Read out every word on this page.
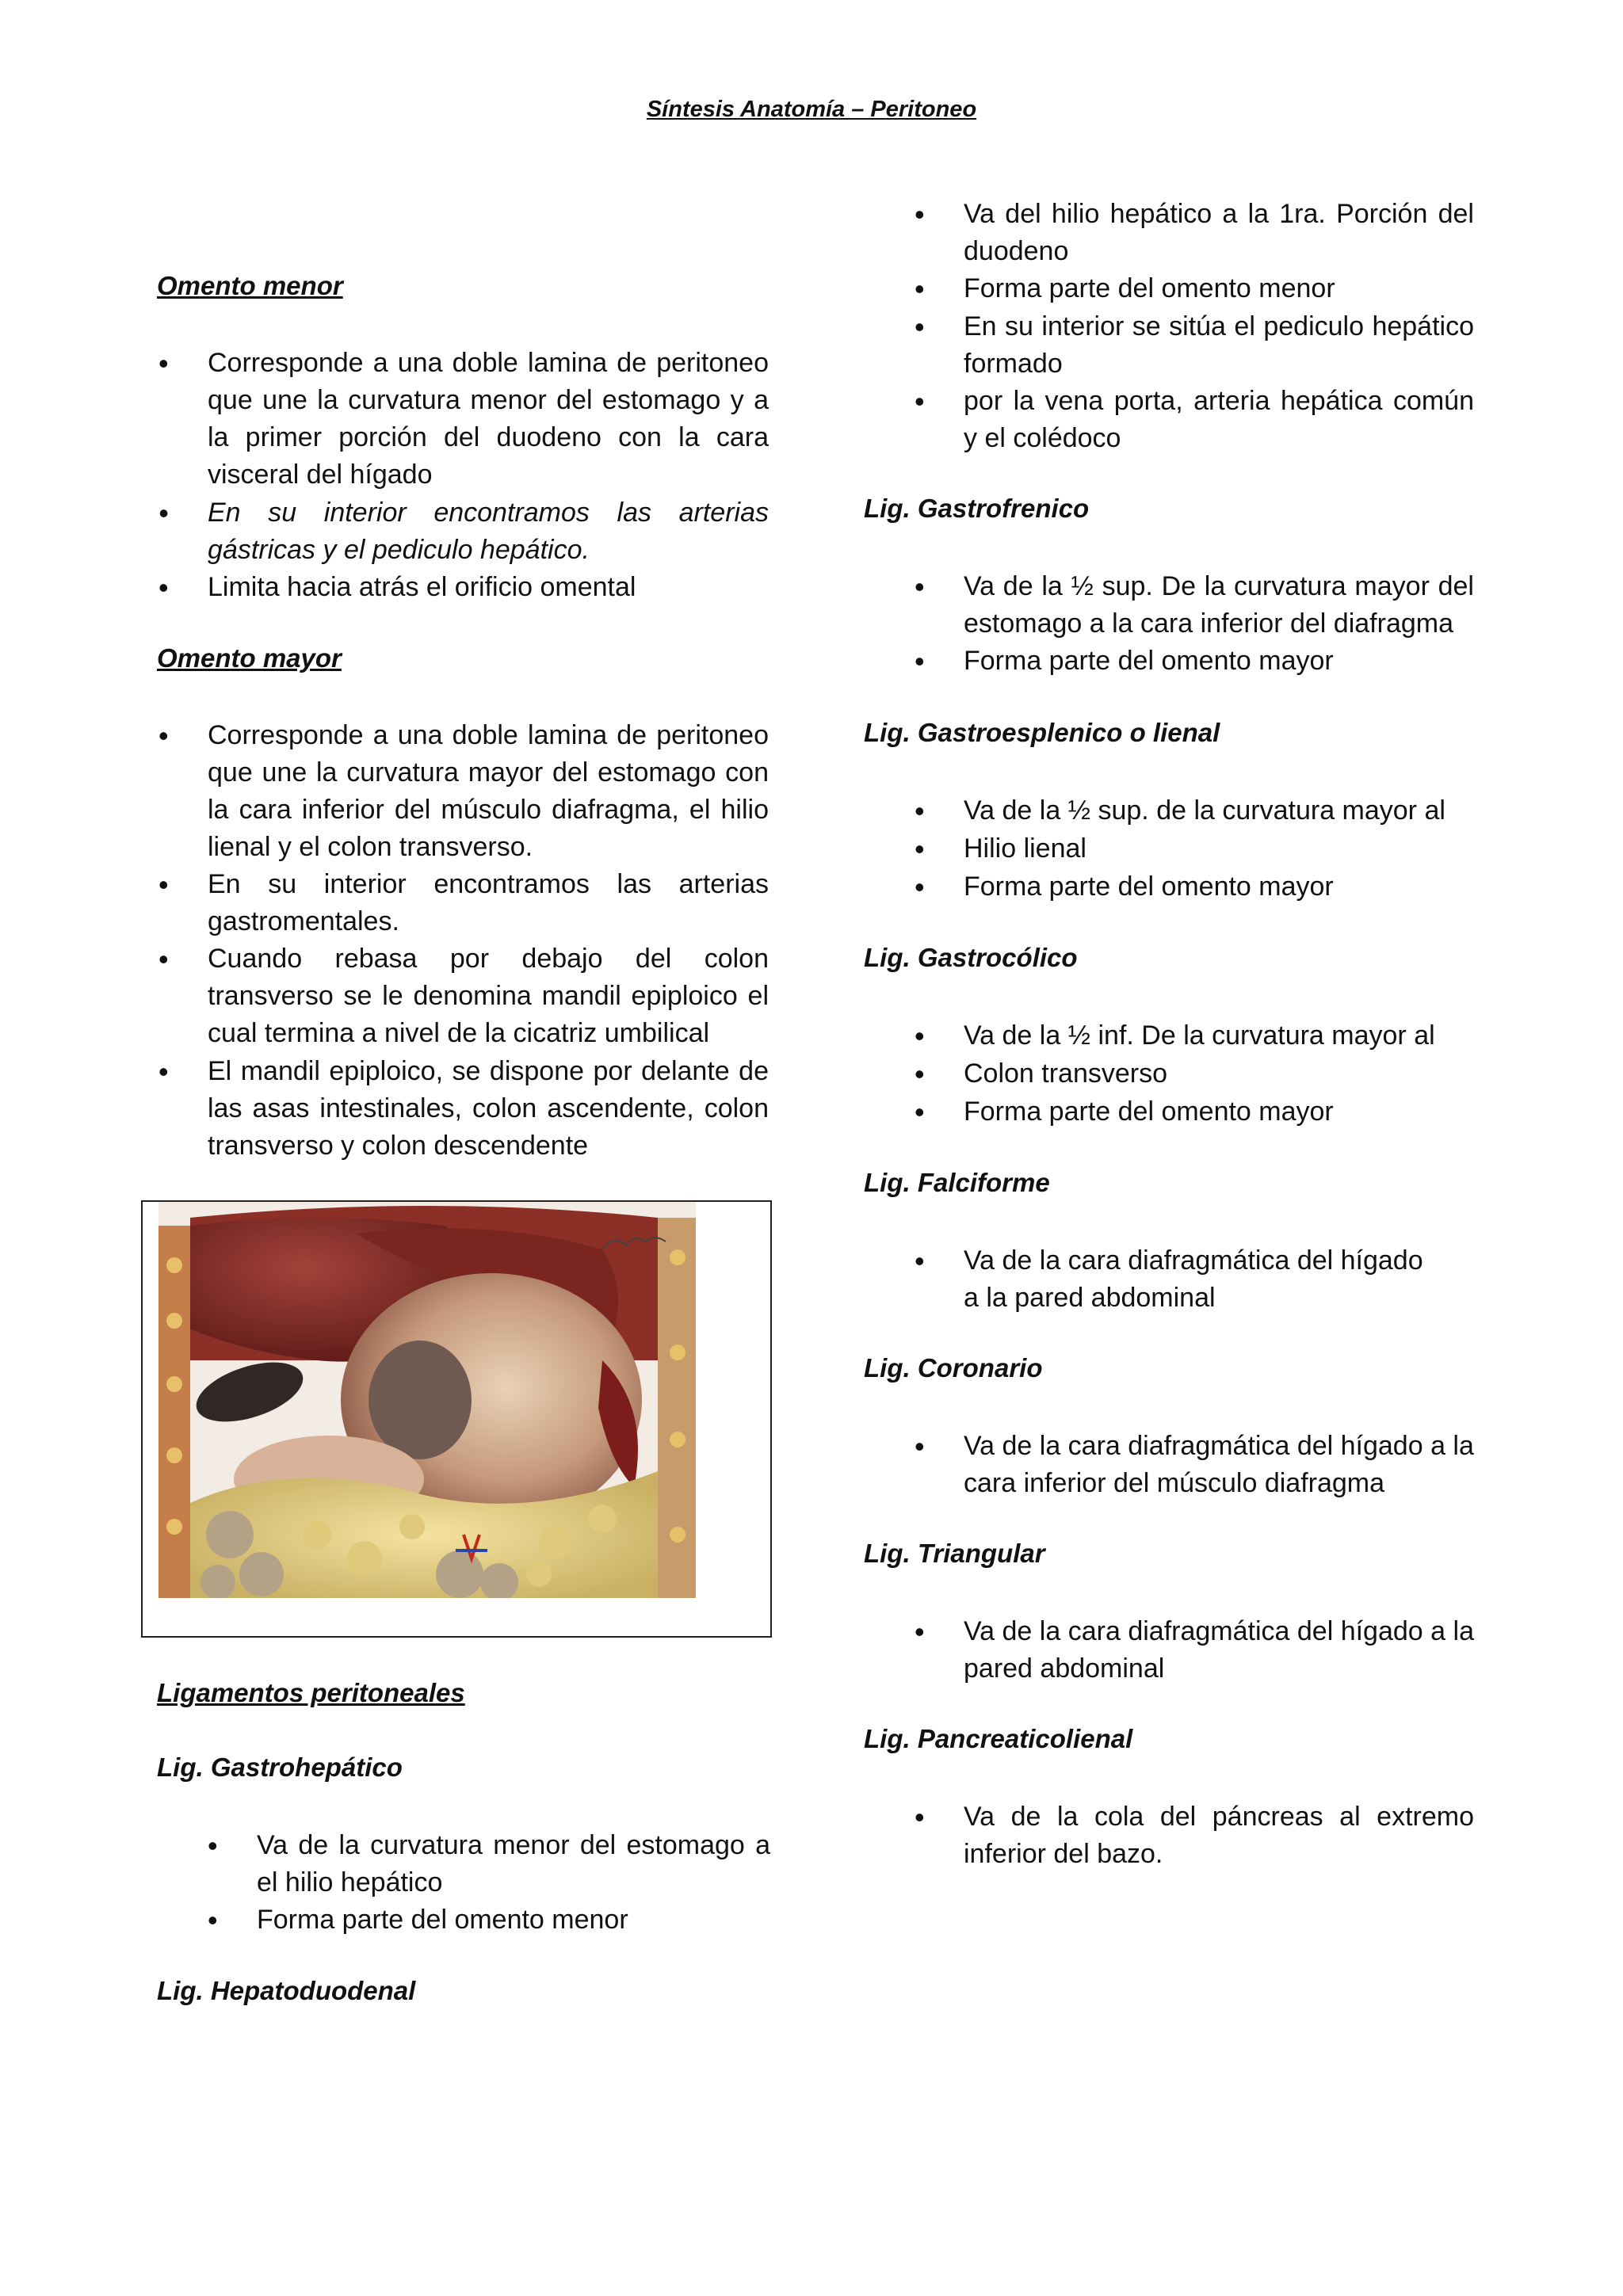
Síntesis Anatomía – Peritoneo
Omento menor
• Corresponde a una doble lamina de peritoneo que une la curvatura menor del estomago y a la primer porción del duodeno con la cara visceral del hígado
• En su interior encontramos las arterias gástricas y el pediculo hepático.
• Limita hacia atrás el orificio omental
Omento mayor
• Corresponde a una doble lamina de peritoneo que une la curvatura mayor del estomago con la cara inferior del músculo diafragma, el hilio lienal y el colon transverso.
• En su interior encontramos las arterias gastromentales.
• Cuando rebasa por debajo del colon transverso se le denomina mandil epiploico el cual termina a nivel de la cicatriz umbilical
• El mandil epiploico, se dispone por delante de las asas intestinales, colon ascendente, colon transverso y colon descendente
Ligamentos peritoneales
Lig. Gastrohepático
• Va de la curvatura menor del estomago a el hilio hepático
• Forma parte del omento menor
Lig. Hepatoduodenal
• Va del hilio hepático a la 1ra. Porción del duodeno
• Forma parte del omento menor
• En su interior se sitúa el pediculo hepático formado
• por la vena porta, arteria hepática común y el colédoco
Lig. Gastrofrenico
• Va de la ½ sup. De la curvatura mayor del estomago a la cara inferior del diafragma
• Forma parte del omento mayor
Lig. Gastroesplenico o lienal
• Va de la ½ sup. de la curvatura mayor al
• Hilio lienal
• Forma parte del omento mayor
Lig. Gastrocólico
• Va de la ½ inf. De la curvatura mayor al
• Colon transverso
• Forma parte del omento mayor
Lig. Falciforme
• Va de la cara diafragmática del hígado a la pared abdominal
Lig. Coronario
• Va de la cara diafragmática del hígado a la cara inferior del músculo diafragma
Lig. Triangular
• Va de la cara diafragmática del hígado a la pared abdominal
Lig. Pancreaticolienal
• Va de la cola del páncreas al extremo inferior del bazo.
